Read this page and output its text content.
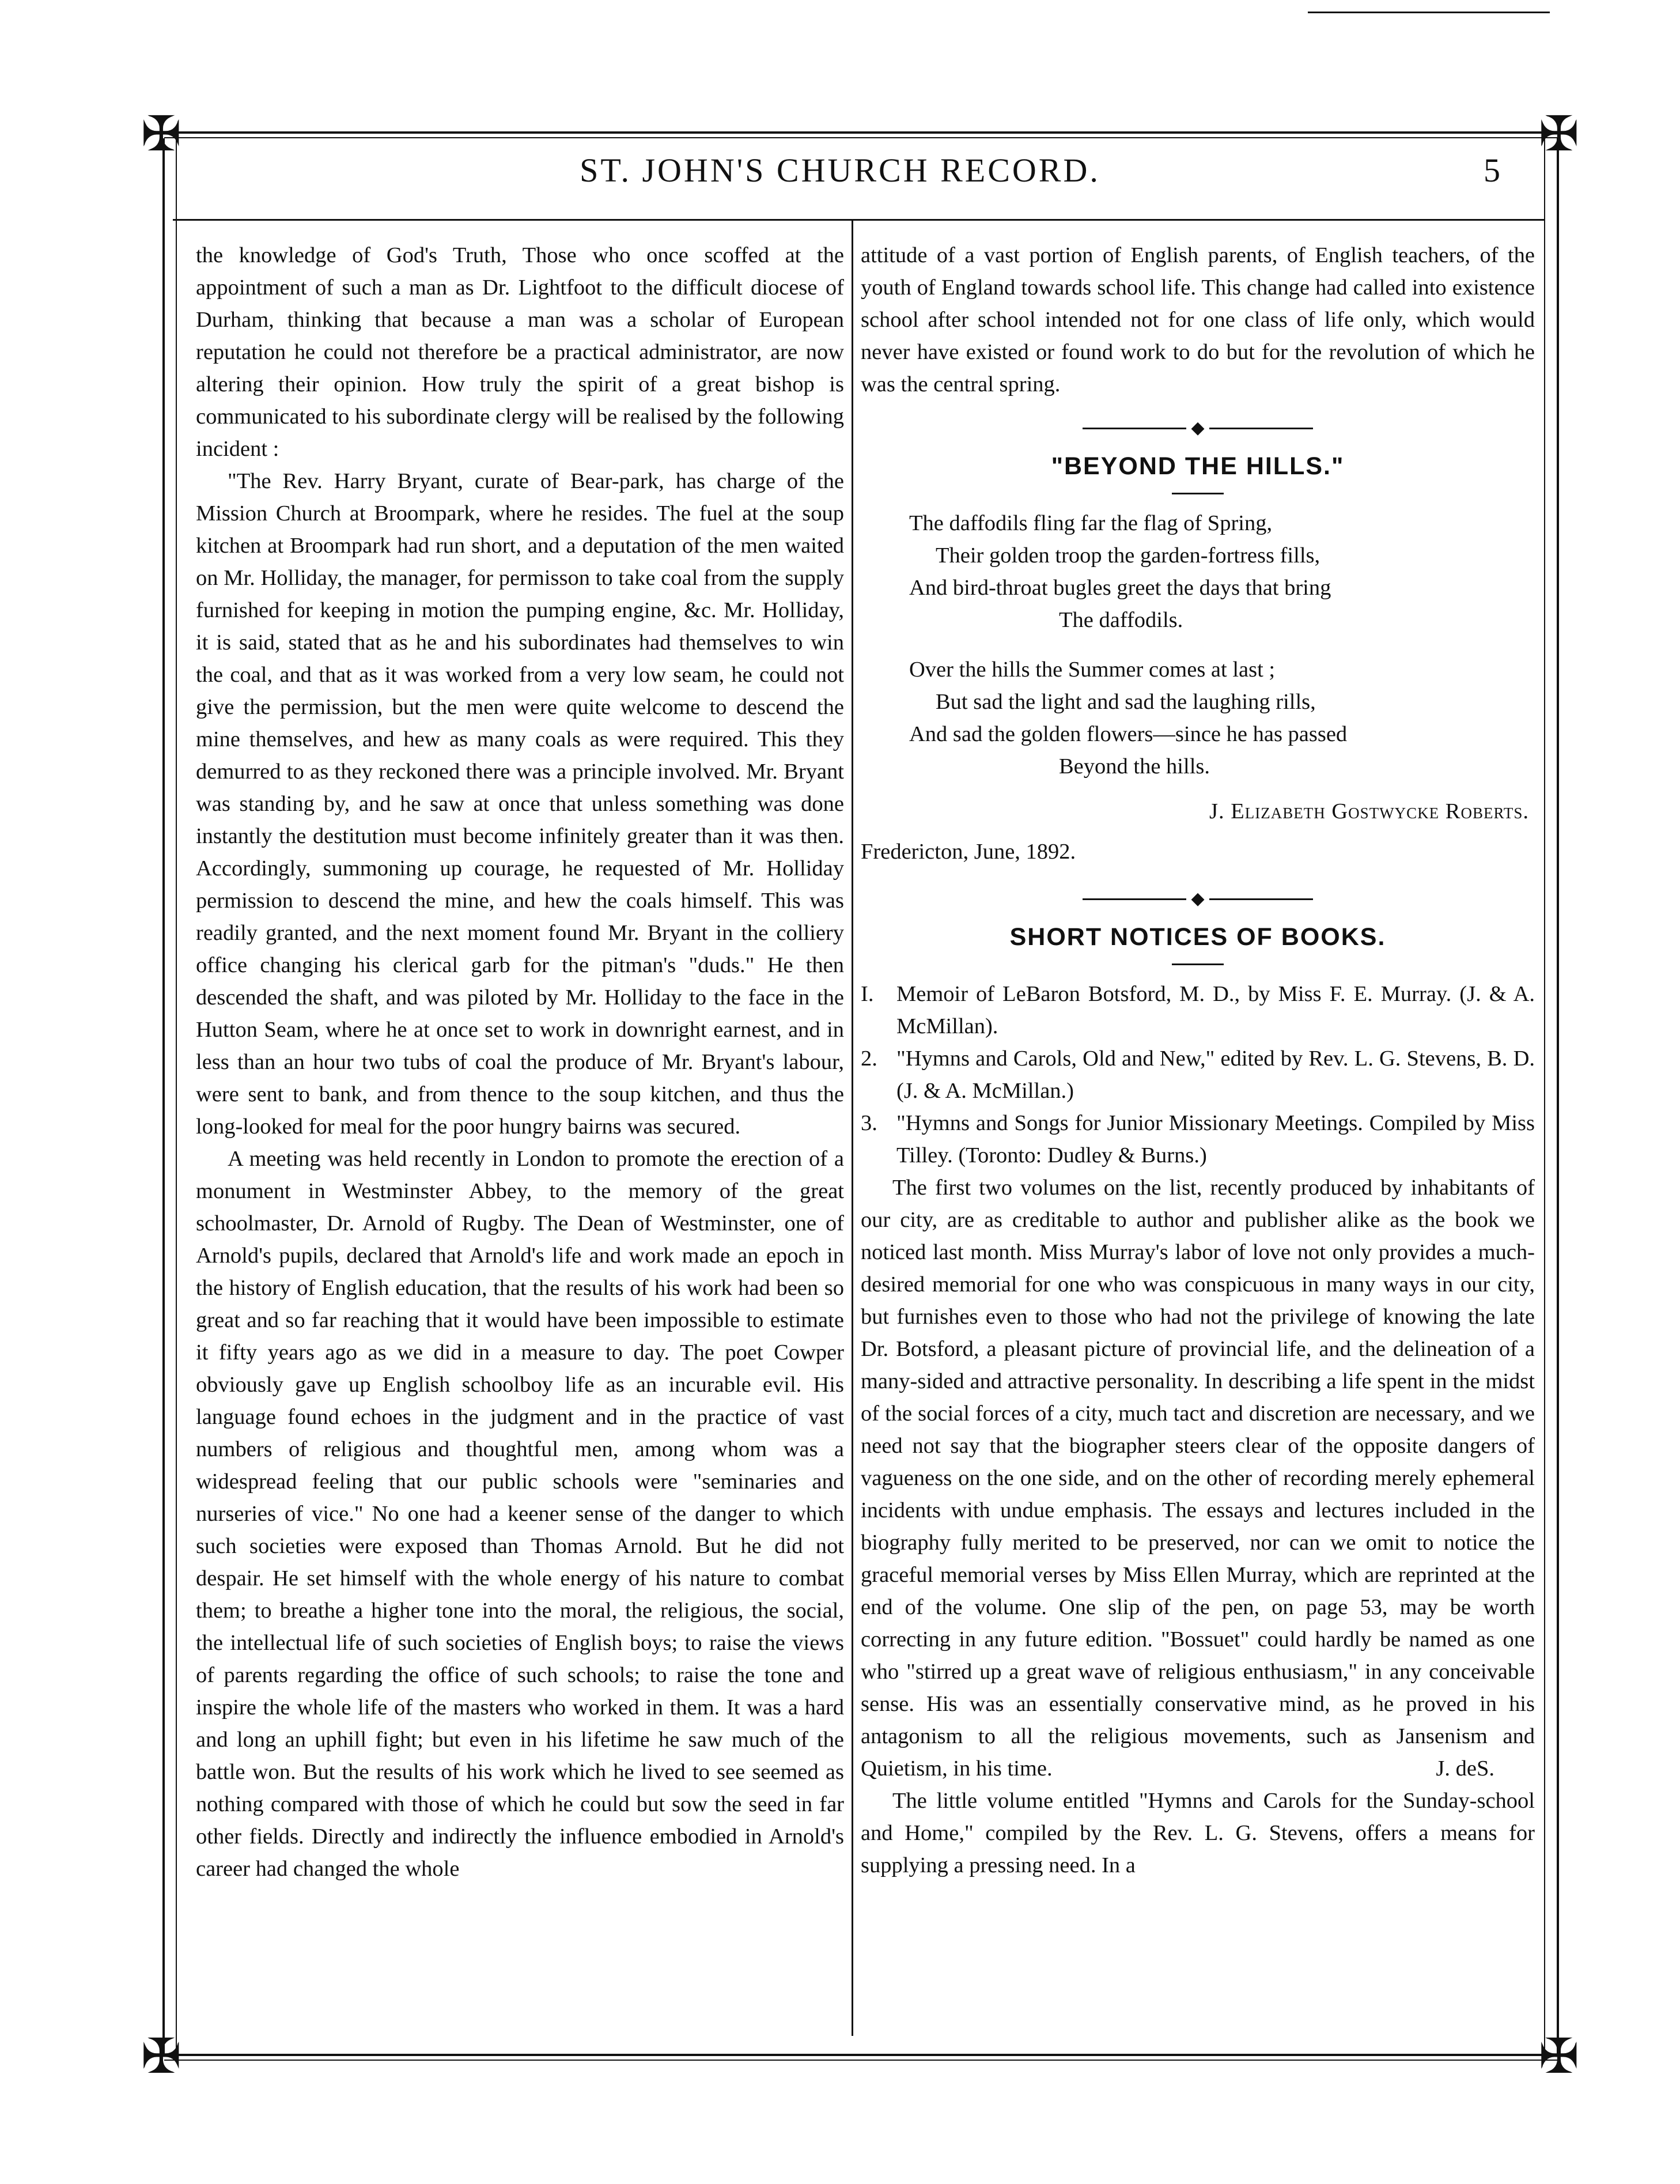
✠	✠
✠	✠
ST. JOHN'S CHURCH RECORD.	5

the knowledge of God's Truth, Those who once scoffed at the appointment of such a man as Dr. Lightfoot to the difficult diocese of Durham, thinking that because a man was a scholar of European reputation he could not therefore be a practical administrator, are now altering their opinion. How truly the spirit of a great bishop is communicated to his subordinate clergy will be realised by the following incident :

"The Rev. Harry Bryant, curate of Bear-park, has charge of the Mission Church at Broompark, where he resides. The fuel at the soup kitchen at Broompark had run short, and a deputation of the men waited on Mr. Holliday, the manager, for permisson to take coal from the supply furnished for keeping in motion the pumping engine, &c. Mr. Holliday, it is said, stated that as he and his subordinates had themselves to win the coal, and that as it was worked from a very low seam, he could not give the permission, but the men were quite welcome to descend the mine themselves, and hew as many coals as were required. This they demurred to as they reckoned there was a principle involved. Mr. Bryant was standing by, and he saw at once that unless something was done instantly the destitution must become infinitely greater than it was then. Accordingly, summoning up courage, he requested of Mr. Holliday permission to descend the mine, and hew the coals himself. This was readily granted, and the next moment found Mr. Bryant in the colliery office changing his clerical garb for the pitman's "duds." He then descended the shaft, and was piloted by Mr. Holliday to the face in the Hutton Seam, where he at once set to work in downright earnest, and in less than an hour two tubs of coal the produce of Mr. Bryant's labour, were sent to bank, and from thence to the soup kitchen, and thus the long-looked for meal for the poor hungry bairns was secured.

A meeting was held recently in London to promote the erection of a monument in Westminster Abbey, to the memory of the great schoolmaster, Dr. Arnold of Rugby. The Dean of Westminster, one of Arnold's pupils, declared that Arnold's life and work made an epoch in the history of English education, that the results of his work had been so great and so far reaching that it would have been impossible to estimate it fifty years ago as we did in a measure to day. The poet Cowper obviously gave up English schoolboy life as an incurable evil. His language found echoes in the judgment and in the practice of vast numbers of religious and thoughtful men, among whom was a widespread feeling that our public schools were "seminaries and nurseries of vice." No one had a keener sense of the danger to which such societies were exposed than Thomas Arnold. But he did not despair. He set himself with the whole energy of his nature to combat them; to breathe a higher tone into the moral, the religious, the social, the intellectual life of such societies of English boys; to raise the views of parents regarding the office of such schools; to raise the tone and inspire the whole life of the masters who worked in them. It was a hard and long an uphill fight; but even in his lifetime he saw much of the battle won. But the results of his work which he lived to see seemed as nothing compared with those of which he could but sow the seed in far other fields. Directly and indirectly the influence embodied in Arnold's career had changed the whole

attitude of a vast portion of English parents, of English teachers, of the youth of England towards school life. This change had called into existence school after school intended not for one class of life only, which would never have existed or found work to do but for the revolution of which he was the central spring.

◆
"BEYOND THE HILLS."
The daffodils fling far the flag of Spring,
Their golden troop the garden-fortress fills,
And bird-throat bugles greet the days that bring
The daffodils.
Over the hills the Summer comes at last ;
But sad the light and sad the laughing rills,
And sad the golden flowers—since he has passed
Beyond the hills.
J. Elizabeth Gostwycke Roberts.
Fredericton, June, 1892.
◆
SHORT NOTICES OF BOOKS.
I.	Memoir of LeBaron Botsford, M. D., by Miss F. E. Murray. (J. & A. McMillan).
2. "Hymns and Carols, Old and New," edited by Rev. L. G. Stevens, B. D. (J. & A. McMillan.)
3. "Hymns and Songs for Junior Missionary Meetings. Compiled by Miss Tilley. (Toronto: Dudley & Burns.)

The first two volumes on the list, recently produced by inhabitants of our city, are as creditable to author and publisher alike as the book we noticed last month. Miss Murray's labor of love not only provides a much-desired memorial for one who was conspicuous in many ways in our city, but furnishes even to those who had not the privilege of knowing the late Dr. Botsford, a pleasant picture of provincial life, and the delineation of a many-sided and attractive personality. In describing a life spent in the midst of the social forces of a city, much tact and discretion are necessary, and we need not say that the biographer steers clear of the opposite dangers of vagueness on the one side, and on the other of recording merely ephemeral incidents with undue emphasis. The essays and lectures included in the biography fully merited to be preserved, nor can we omit to notice the graceful memorial verses by Miss Ellen Murray, which are reprinted at the end of the volume. One slip of the pen, on page 53, may be worth correcting in any future edition. "Bossuet" could hardly be named as one who "stirred up a great wave of religious enthusiasm," in any conceivable sense. His was an essentially conservative mind, as he proved in his antagonism to all the religious movements, such as Jansenism and Quietism, in his time.	J. deS.

The little volume entitled "Hymns and Carols for the Sunday-school and Home," compiled by the Rev. L. G. Stevens, offers a means for supplying a pressing need. In a
